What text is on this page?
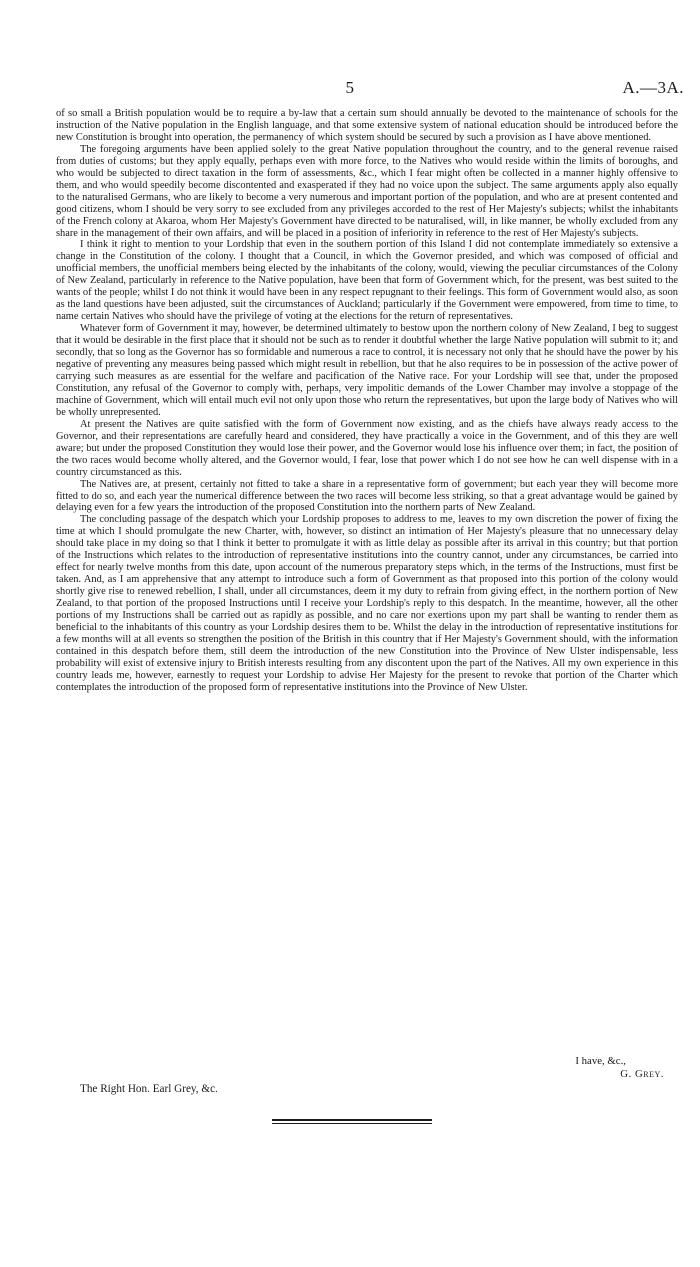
5	A.—3A.

of so small a British population would be to require a by-law that a certain sum should annually be devoted to the maintenance of schools for the instruction of the Native population in the English language, and that some extensive system of national education should be introduced before the new Constitution is brought into operation, the permanency of which system should be secured by such a provision as I have above mentioned.

The foregoing arguments have been applied solely to the great Native population throughout the country, and to the general revenue raised from duties of customs; but they apply equally, perhaps even with more force, to the Natives who would reside within the limits of boroughs, and who would be subjected to direct taxation in the form of assessments, &c., which I fear might often be collected in a manner highly offensive to them, and who would speedily become discontented and exasperated if they had no voice upon the subject. The same arguments apply also equally to the naturalised Germans, who are likely to become a very numerous and important portion of the population, and who are at present contented and good citizens, whom I should be very sorry to see excluded from any privileges accorded to the rest of Her Majesty's subjects; whilst the inhabitants of the French colony at Akaroa, whom Her Majesty's Government have directed to be naturalised, will, in like manner, be wholly excluded from any share in the management of their own affairs, and will be placed in a position of inferiority in reference to the rest of Her Majesty's subjects.

I think it right to mention to your Lordship that even in the southern portion of this Island I did not contemplate immediately so extensive a change in the Constitution of the colony. I thought that a Council, in which the Governor presided, and which was composed of official and unofficial members, the unofficial members being elected by the inhabitants of the colony, would, viewing the peculiar circumstances of the Colony of New Zealand, particularly in reference to the Native population, have been that form of Government which, for the present, was best suited to the wants of the people; whilst I do not think it would have been in any respect repugnant to their feelings. This form of Government would also, as soon as the land questions have been adjusted, suit the circumstances of Auckland; particularly if the Government were empowered, from time to time, to name certain Natives who should have the privilege of voting at the elections for the return of representatives.

Whatever form of Government it may, however, be determined ultimately to bestow upon the northern colony of New Zealand, I beg to suggest that it would be desirable in the first place that it should not be such as to render it doubtful whether the large Native population will submit to it; and secondly, that so long as the Governor has so formidable and numerous a race to control, it is necessary not only that he should have the power by his negative of preventing any measures being passed which might result in rebellion, but that he also requires to be in possession of the active power of carrying such measures as are essential for the welfare and pacification of the Native race. For your Lordship will see that, under the proposed Constitution, any refusal of the Governor to comply with, perhaps, very impolitic demands of the Lower Chamber may involve a stoppage of the machine of Government, which will entail much evil not only upon those who return the representatives, but upon the large body of Natives who will be wholly unrepresented.

At present the Natives are quite satisfied with the form of Government now existing, and as the chiefs have always ready access to the Governor, and their representations are carefully heard and considered, they have practically a voice in the Government, and of this they are well aware; but under the proposed Constitution they would lose their power, and the Governor would lose his influence over them; in fact, the position of the two races would become wholly altered, and the Governor would, I fear, lose that power which I do not see how he can well dispense with in a country circumstanced as this.

The Natives are, at present, certainly not fitted to take a share in a representative form of government; but each year they will become more fitted to do so, and each year the numerical difference between the two races will become less striking, so that a great advantage would be gained by delaying even for a few years the introduction of the proposed Constitution into the northern parts of New Zealand.

The concluding passage of the despatch which your Lordship proposes to address to me, leaves to my own discretion the power of fixing the time at which I should promulgate the new Charter, with, however, so distinct an intimation of Her Majesty's pleasure that no unnecessary delay should take place in my doing so that I think it better to promulgate it with as little delay as possible after its arrival in this country; but that portion of the Instructions which relates to the introduction of representative institutions into the country cannot, under any circumstances, be carried into effect for nearly twelve months from this date, upon account of the numerous preparatory steps which, in the terms of the Instructions, must first be taken. And, as I am apprehensive that any attempt to introduce such a form of Government as that proposed into this portion of the colony would shortly give rise to renewed rebellion, I shall, under all circumstances, deem it my duty to refrain from giving effect, in the northern portion of New Zealand, to that portion of the proposed Instructions until I receive your Lordship's reply to this despatch. In the meantime, however, all the other portions of my Instructions shall be carried out as rapidly as possible, and no care nor exertions upon my part shall be wanting to render them as beneficial to the inhabitants of this country as your Lordship desires them to be. Whilst the delay in the introduction of representative institutions for a few months will at all events so strengthen the position of the British in this country that if Her Majesty's Government should, with the information contained in this despatch before them, still deem the introduction of the new Constitution into the Province of New Ulster indispensable, less probability will exist of extensive injury to British interests resulting from any discontent upon the part of the Natives. All my own experience in this country leads me, however, earnestly to request your Lordship to advise Her Majesty for the present to revoke that portion of the Charter which contemplates the introduction of the proposed form of representative institutions into the Province of New Ulster.

I have, &c.,
G. Grey.
The Right Hon. Earl Grey, &c.
